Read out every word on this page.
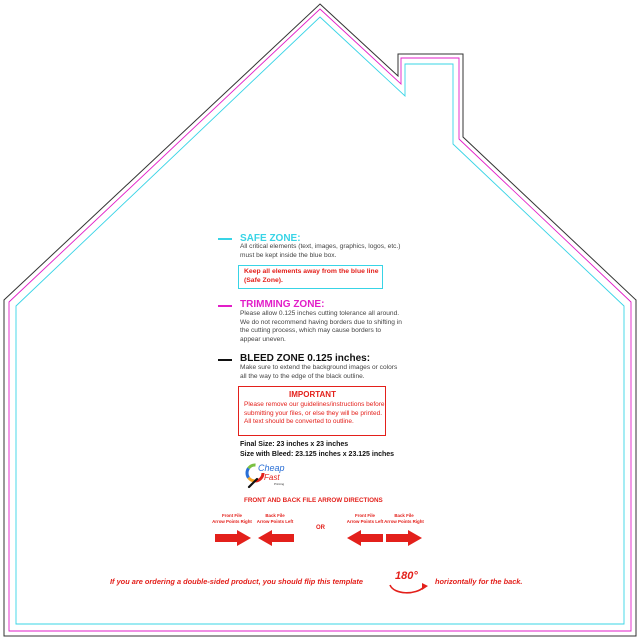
SAFE ZONE:
All critical elements (text, images, graphics, logos, etc.)
must be kept inside the blue box.
Keep all elements away from the blue line
(Safe Zone).
TRIMMING ZONE:
Please allow 0.125 inches cutting tolerance all around.
We do not recommend having borders due to shifting in
the cutting process, which may cause borders to
appear uneven.
BLEED ZONE 0.125 inches:
Make sure to extend the background images or colors
all the way to the edge of the black outline.
IMPORTANT
Please remove our guidelines/instructions before
submitting your files, or else they will be printed.
All text should be converted to outline.
Final Size: 23 inches x 23 inches
Size with Bleed: 23.125 inches x 23.125 inches
Cheap
Fast
Printing
FRONT AND BACK FILE ARROW DIRECTIONS
Front File
Arrow Points Right
Back File
Arrow Points Left
OR
Front File
Arrow Points Left
Back File
Arrow Points Right
If you are ordering a double-sided product, you should flip this template	180° horizontally for the back.
